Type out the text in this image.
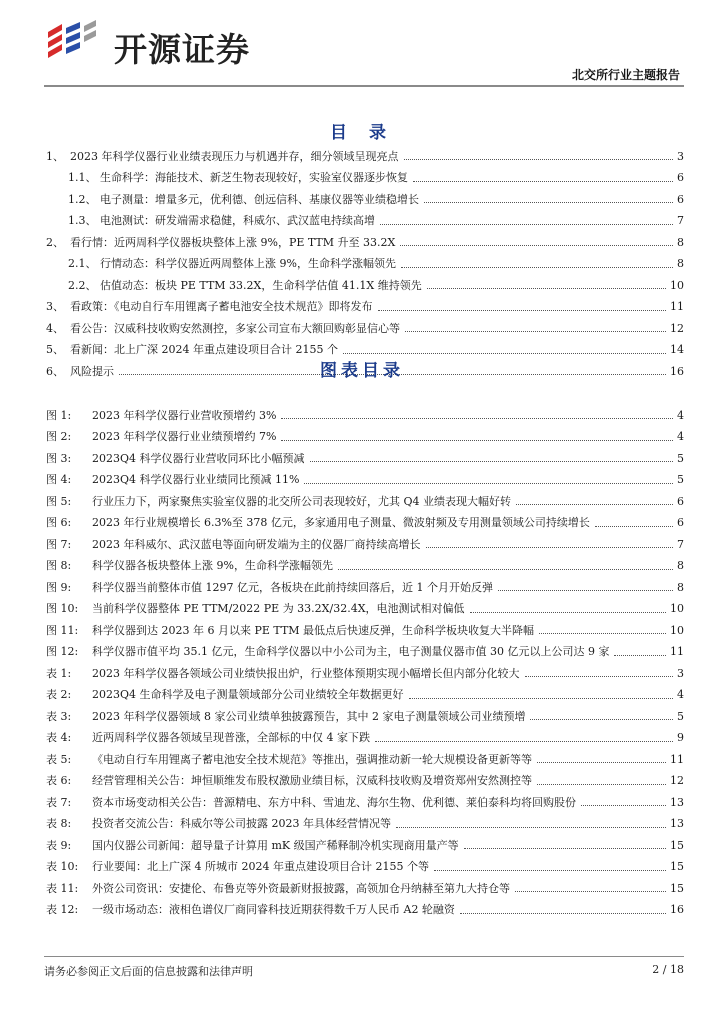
开源证券
北交所行业主题报告
目 录
1、 2023 年科学仪器行业业绩表现压力与机遇并存，细分领域呈现亮点	3
1.1、 生命科学：海能技术、新芝生物表现较好，实验室仪器逐步恢复	6
1.2、 电子测量：增量多元，优利德、创远信科、基康仪器等业绩稳增长	6
1.3、 电池测试：研发端需求稳健，科威尔、武汉蓝电持续高增	7
2、 看行情：近两周科学仪器板块整体上涨 9%，PE TTM 升至 33.2X	8
2.1、 行情动态：科学仪器近两周整体上涨 9%，生命科学涨幅领先	8
2.2、 估值动态：板块 PE TTM 33.2X，生命科学估值 41.1X 维持领先	10
3、 看政策：《电动自行车用锂离子蓄电池安全技术规范》即将发布	11
4、 看公告：汉威科技收购安然测控，多家公司宣布大额回购彰显信心等	12
5、 看新闻：北上广深 2024 年重点建设项目合计 2155 个	14
6、 风险提示	16
图表目录
图 1: 2023 年科学仪器行业营收预增约 3%	4
图 2: 2023 年科学仪器行业业绩预增约 7%	4
图 3: 2023Q4 科学仪器行业营收同环比小幅预减	5
图 4: 2023Q4 科学仪器行业业绩同比预减 11%	5
图 5: 行业压力下，两家聚焦实验室仪器的北交所公司表现较好，尤其 Q4 业绩表现大幅好转	6
图 6: 2023 年行业规模增长 6.3%至 378 亿元，多家通用电子测量、微波射频及专用测量领域公司持续增长	6
图 7: 2023 年科威尔、武汉蓝电等面向研发端为主的仪器厂商持续高增长	7
图 8: 科学仪器各板块整体上涨 9%，生命科学涨幅领先	8
图 9: 科学仪器当前整体市值 1297 亿元，各板块在此前持续回落后，近 1 个月开始反弹	8
图 10: 当前科学仪器整体 PE TTM/2022 PE 为 33.2X/32.4X，电池测试相对偏低	10
图 11: 科学仪器到达 2023 年 6 月以来 PE TTM 最低点后快速反弹，生命科学板块收复大半降幅	10
图 12: 科学仪器市值平均 35.1 亿元，生命科学仪器以中小公司为主，电子测量仪器市值 30 亿元以上公司达 9 家	11
表 1: 2023 年科学仪器各领域公司业绩快报出炉，行业整体预期实现小幅增长但内部分化较大	3
表 2: 2023Q4 生命科学及电子测量领域部分公司业绩较全年数据更好	4
表 3: 2023 年科学仪器领域 8 家公司业绩单独披露预告，其中 2 家电子测量领域公司业绩预增	5
表 4: 近两周科学仪器各领域呈现普涨，全部标的中仅 4 家下跌	9
表 5: 《电动自行车用锂离子蓄电池安全技术规范》等推出，强调推动新一轮大规模设备更新等等	11
表 6: 经营管理相关公告：坤恒顺维发布股权激励业绩目标，汉威科技收购及增资郑州安然测控等	12
表 7: 资本市场变动相关公告：普源精电、东方中科、雪迪龙、海尔生物、优利德、莱伯泰科均将回购股份	13
表 8: 投资者交流公告：科威尔等公司披露 2023 年具体经营情况等	13
表 9: 国内仪器公司新闻：超导量子计算用 mK 级国产稀释制冷机实现商用量产等	15
表 10: 行业要闻：北上广深 4 所城市 2024 年重点建设项目合计 2155 个等	15
表 11: 外资公司资讯：安捷伦、布鲁克等外资最新财报披露，高领加仓丹纳赫至第九大持仓等	15
表 12: 一级市场动态：液相色谱仪厂商同睿科技近期获得数千万人民币 A2 轮融资	16
请务必参阅正文后面的信息披露和法律声明	2 / 18
